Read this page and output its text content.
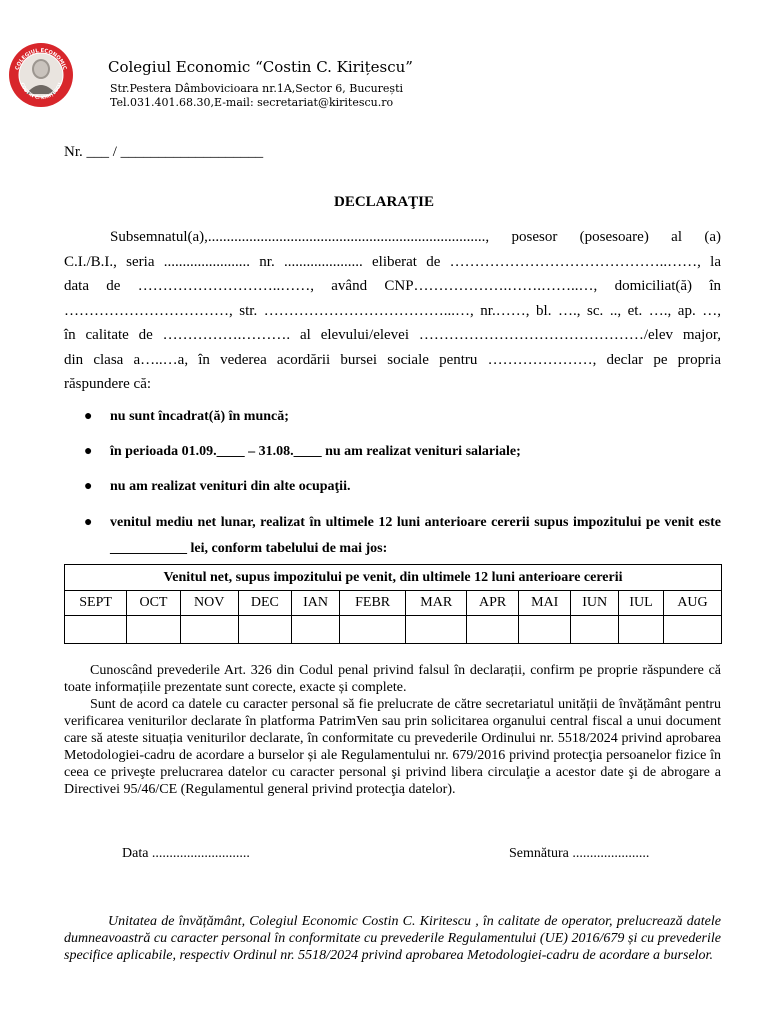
COLEGIUL ECONOMIC
COSTIN C. KIRIȚESCU
Colegiul Economic “Costin C. Kirițescu”
Str.Pestera Dâmbovicioara nr.1A,Sector 6, București
Tel.031.401.68.30,E-mail: secretariat@kiritescu.ro
Nr. ___ / ___________________
DECLARAŢIE
Subsemnatul(a),.........................................................................., posesor (posesoare) al (a)
C.I./B.I., seria ....................... nr. ..................... eliberat de ……………………………………..……, la
data de ………………………..……, având CNP……………….…….……..…, domiciliat(ă) în
……………………………, str. ………………………………...…, nr.……, bl. …., sc. .., et. …., ap. …,
în calitate de …………….………. al elevului/elevei ………………………………………/elev major,
din clasa a…..…a, în vederea acordării bursei sociale pentru …………………, declar pe propria
răspundere că:
● nu sunt încadrat(ă) în muncă;
● în perioada 01.09.____ – 31.08.____ nu am realizat venituri salariale;
● nu am realizat venituri din alte ocupaţii.
● venitul mediu net lunar, realizat în ultimele 12 luni anterioare cererii supus impozitului pe venit este ___________ lei, conform tabelului de mai jos:
Venitul net, supus impozitului pe venit, din ultimele 12 luni anterioare cererii											
SEPT	OCT	NOV	DEC	IAN	FEBR	MAR	APR	MAI	IUN	IUL	AUG

Cunoscând prevederile Art. 326 din Codul penal privind falsul în declarații, confirm pe proprie răspundere că toate informațiile prezentate sunt corecte, exacte și complete.
Sunt de acord ca datele cu caracter personal să fie prelucrate de către secretariatul unității de învățământ pentru verificarea veniturilor declarate în platforma PatrimVen sau prin solicitarea organului central fiscal a unui document care să ateste situația veniturilor declarate, în conformitate cu prevederile Ordinului nr. 5518/2024 privind aprobarea Metodologiei-cadru de acordare a burselor și ale Regulamentului nr. 679/2016 privind protecţia persoanelor fizice în ceea ce priveşte prelucrarea datelor cu caracter personal şi privind libera circulaţie a acestor date şi de abrogare a Directivei 95/46/CE (Regulamentul general privind protecţia datelor).
Data ............................	Semnătura ......................
Unitatea de învățământ, Colegiul Economic Costin C. Kiritescu , în calitate de operator, prelucrează datele dumneavoastră cu caracter personal în conformitate cu prevederile Regulamentului (UE) 2016/679 și cu prevederile specifice aplicabile, respectiv Ordinul nr. 5518/2024 privind aprobarea Metodologiei-cadru de acordare a burselor.
